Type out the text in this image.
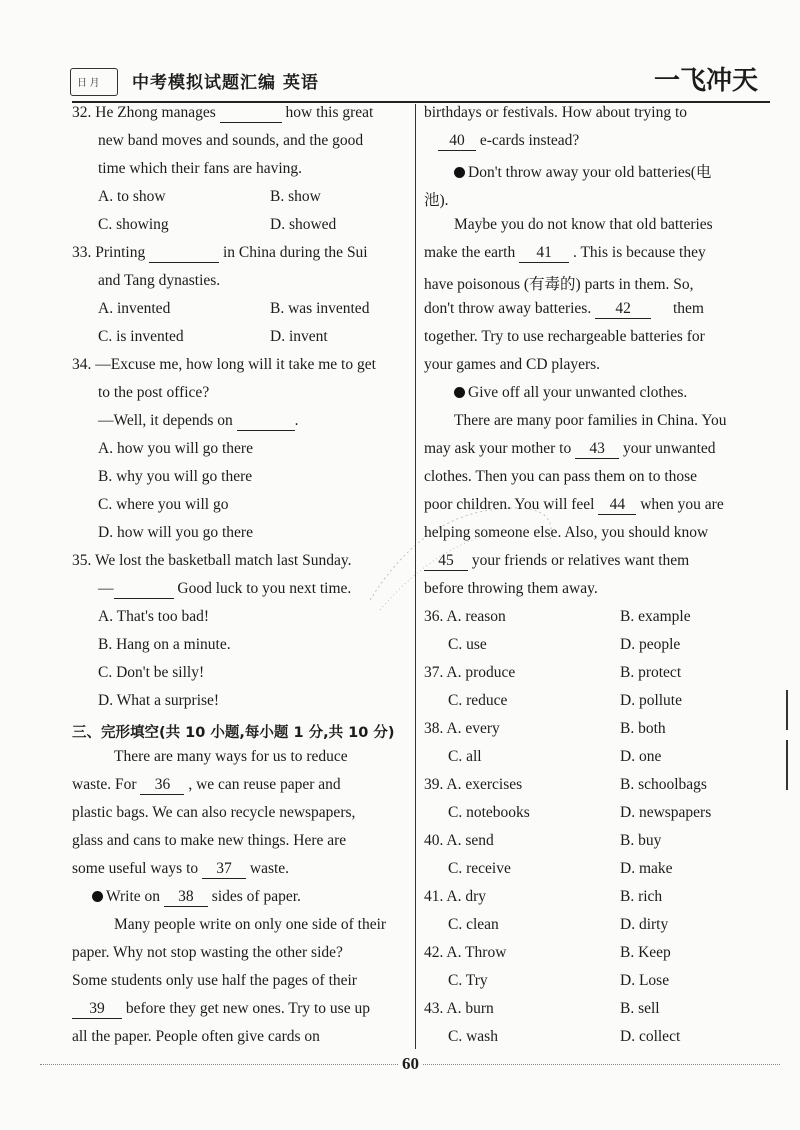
日 月 中考模拟试题汇编 英语	一飞冲天
32. He Zhong manages	how this great
new band moves and sounds, and the good
time which their fans are having.
A. to show	B. show
C. showing	D. showed
33. Printing	in China during the Sui
and Tang dynasties.
A. invented	B. was invented
C. is invented	D. invent
34. —Excuse me, how long will it take me to get
to the post office?
—Well, it depends on	.
A. how you will go there
B. why you will go there
C. where you will go
D. how will you go there
35. We lost the basketball match last Sunday.
—	Good luck to you next time.
A. That's too bad!
B. Hang on a minute.
C. Don't be silly!
D. What a surprise!
三、完形填空(共 10 小题,每小题 1 分,共 10 分)
There are many ways for us to reduce
waste. For 36 , we can reuse paper and
plastic bags. We can also recycle newspapers,
glass and cans to make new things. Here are
some useful ways to 37 waste.
Write on 38 sides of paper.
Many people write on only one side of their
paper. Why not stop wasting the other side?
Some students only use half the pages of their
39 before they get new ones. Try to use up
all the paper. People often give cards on
birthdays or festivals. How about trying to
40 e-cards instead?
Don't throw away your old batteries(电
池).
Maybe you do not know that old batteries
make the earth 41 . This is because they
have poisonous (有毒的) parts in them. So,
don't throw away batteries. 42	them
together. Try to use rechargeable batteries for
your games and CD players.
Give off all your unwanted clothes.
There are many poor families in China. You
may ask your mother to 43 your unwanted
clothes. Then you can pass them on to those
poor children. You will feel 44 when you are
helping someone else. Also, you should know
45 your friends or relatives want them
before throwing them away.
36. A. reason	B. example
C. use	D. people
37. A. produce	B. protect
C. reduce	D. pollute
38. A. every	B. both
C. all	D. one
39. A. exercises	B. schoolbags
C. notebooks	D. newspapers
40. A. send	B. buy
C. receive	D. make
41. A. dry	B. rich
C. clean	D. dirty
42. A. Throw	B. Keep
C. Try	D. Lose
43. A. burn	B. sell
C. wash	D. collect
60
